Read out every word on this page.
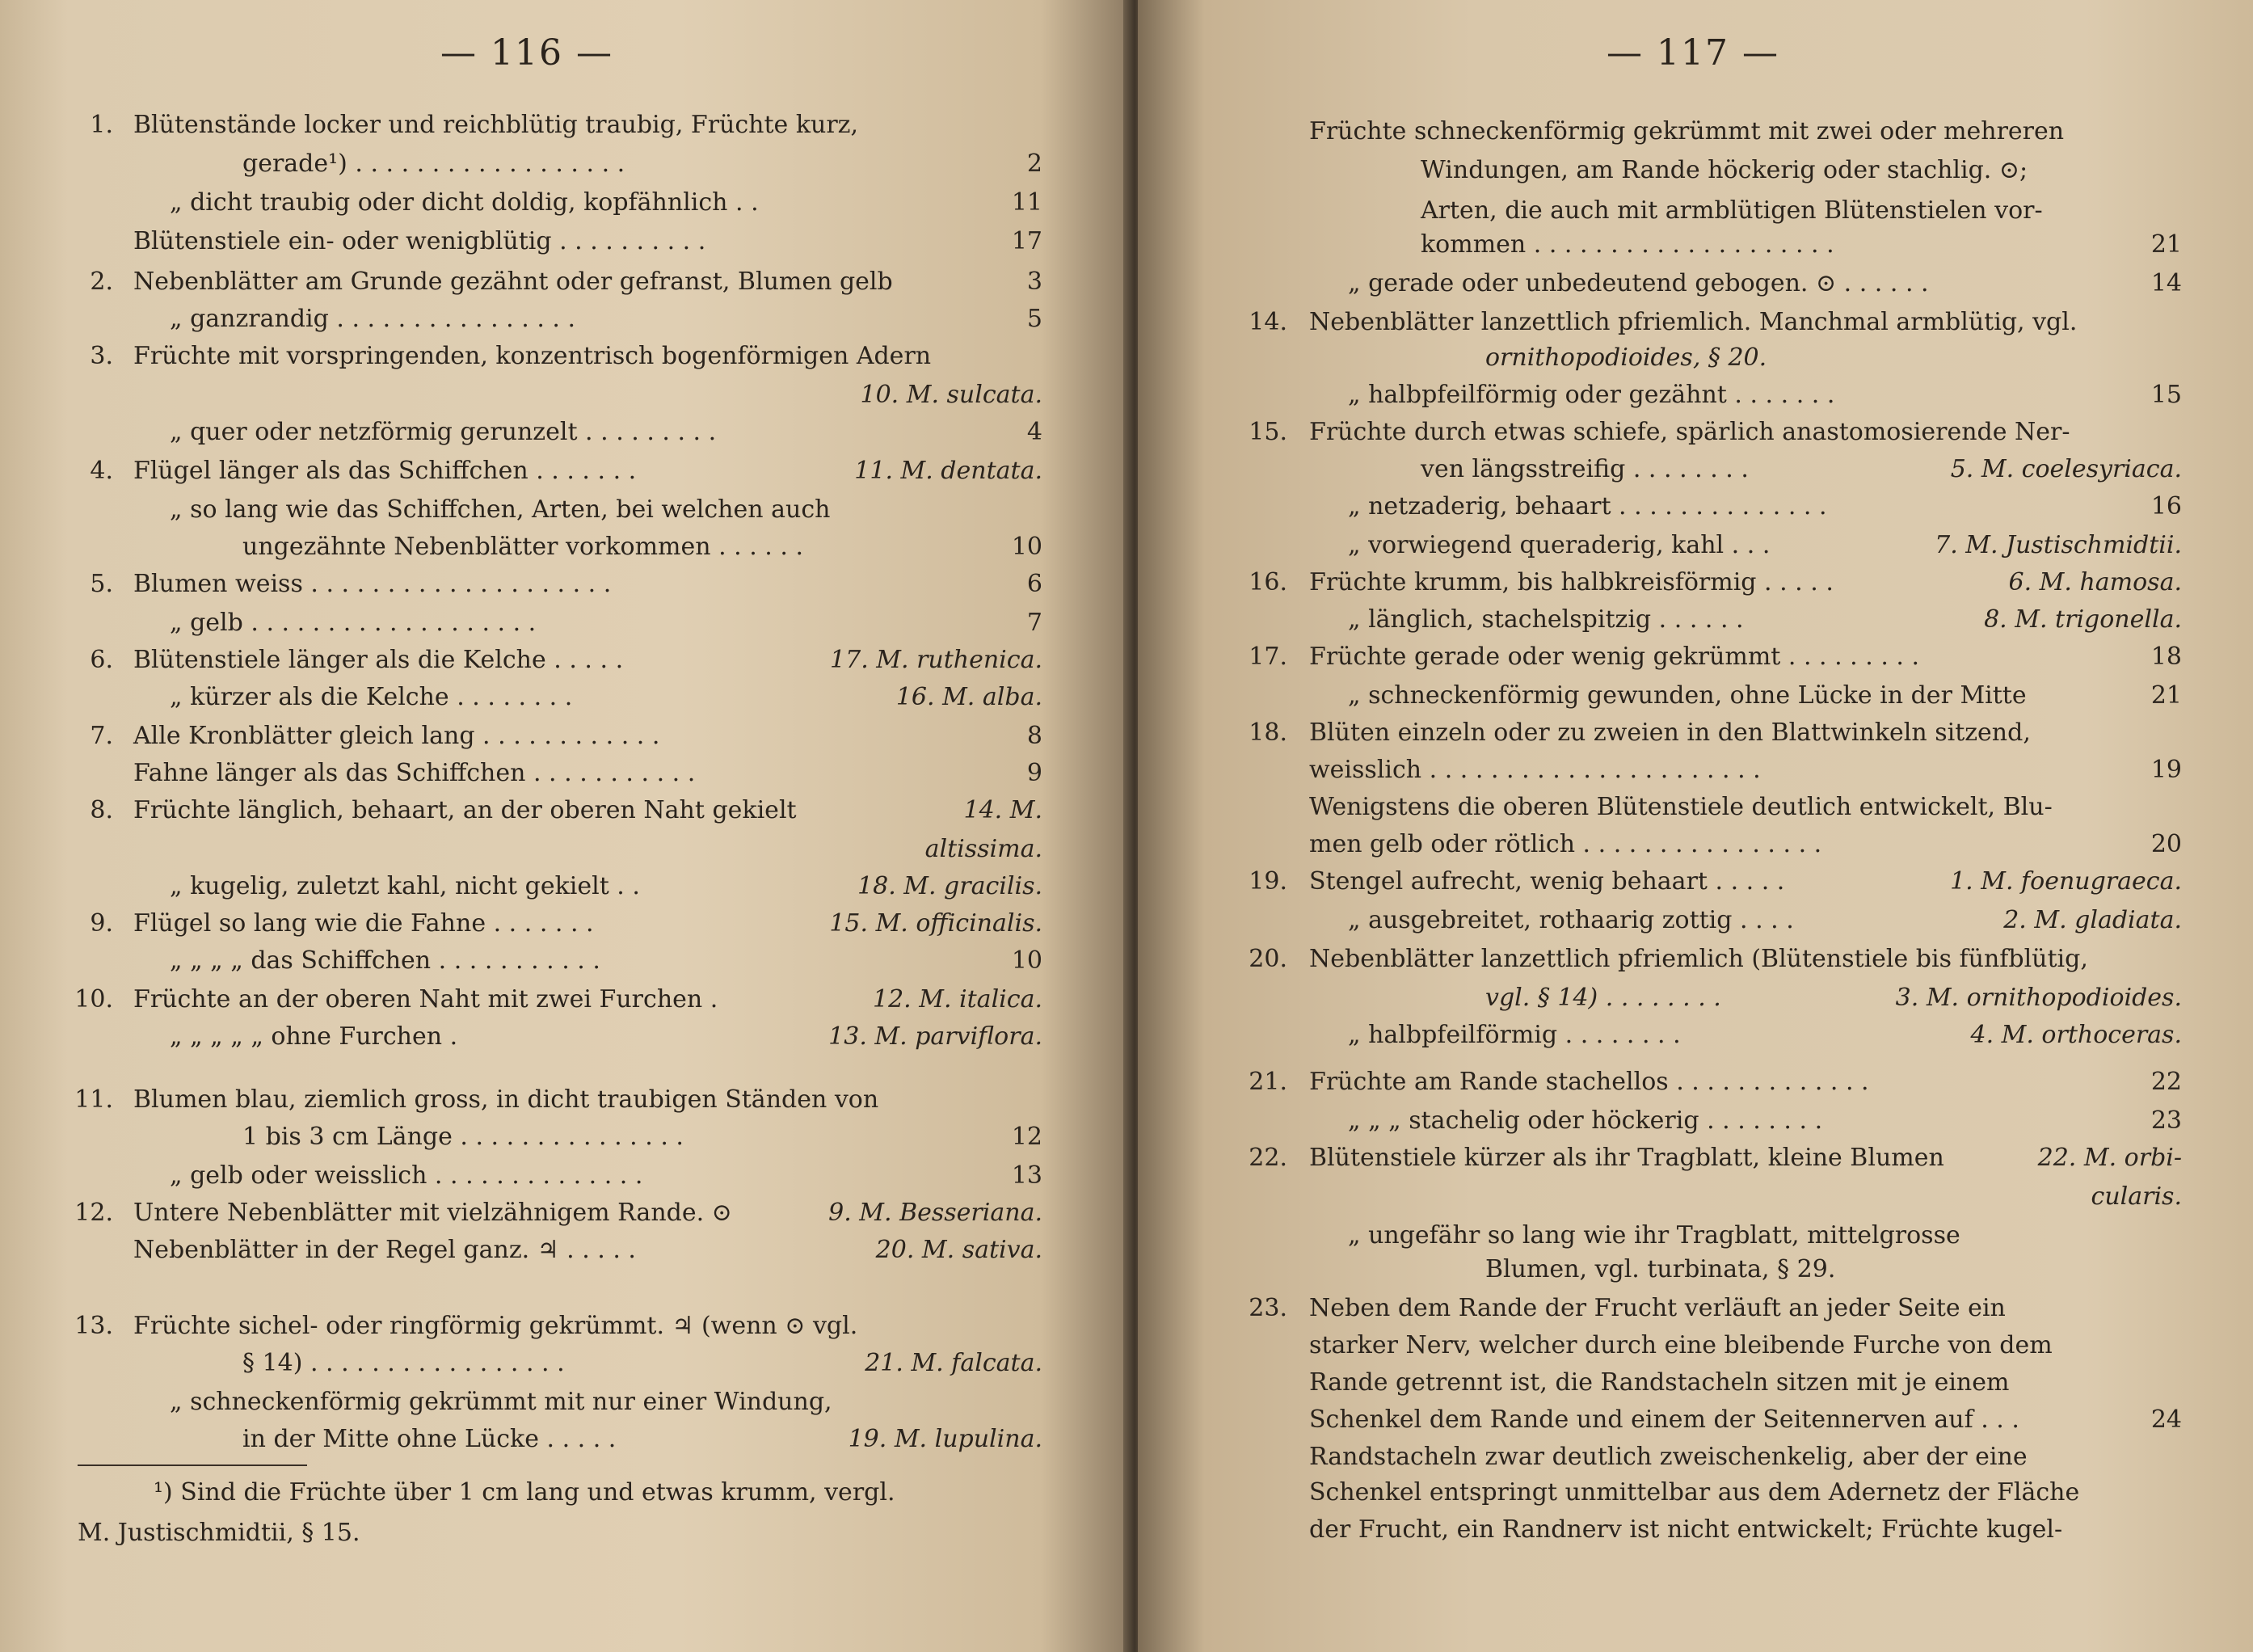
— 116 —
1. Blütenstände locker und reichblütig traubig, Früchte kurz,
gerade¹) . . . . . . . . . . . . . . . . . .	2
„ dicht traubig oder dicht doldig, kopfähnlich . .	11
Blütenstiele ein- oder wenigblütig . . . . . . . . . .	17
2. Nebenblätter am Grunde gezähnt oder gefranst, Blumen gelb	3
„ ganzrandig . . . . . . . . . . . . . . . .	5
3. Früchte mit vorspringenden, konzentrisch bogenförmigen Adern
10. M. sulcata.
„ quer oder netzförmig gerunzelt . . . . . . . . .	4
4. Flügel länger als das Schiffchen . . . . . . .	11. M. dentata.
„ so lang wie das Schiffchen, Arten, bei welchen auch
ungezähnte Nebenblätter vorkommen . . . . . .	10
5. Blumen weiss . . . . . . . . . . . . . . . . . . . .	6
„ gelb . . . . . . . . . . . . . . . . . . .	7
6. Blütenstiele länger als die Kelche . . . . .	17. M. ruthenica.
„ kürzer als die Kelche . . . . . . . .	16. M. alba.
7. Alle Kronblätter gleich lang . . . . . . . . . . . .	8
Fahne länger als das Schiffchen . . . . . . . . . . .	9
8. Früchte länglich, behaart, an der oberen Naht gekielt	14. M.
altissima.
„ kugelig, zuletzt kahl, nicht gekielt . .	18. M. gracilis.
9. Flügel so lang wie die Fahne . . . . . . .	15. M. officinalis.
„ „ „ „ das Schiffchen . . . . . . . . . . .	10
10. Früchte an der oberen Naht mit zwei Furchen .	12. M. italica.
„ „ „ „ „ ohne Furchen .	13. M. parviflora.
11. Blumen blau, ziemlich gross, in dicht traubigen Ständen von
1 bis 3 cm Länge . . . . . . . . . . . . . . .	12
„ gelb oder weisslich . . . . . . . . . . . . . .	13
12. Untere Nebenblätter mit vielzähnigem Rande. ⊙	9. M. Besseriana.
Nebenblätter in der Regel ganz. ♃ . . . . .	20. M. sativa.
13. Früchte sichel- oder ringförmig gekrümmt. ♃ (wenn ⊙ vgl.
§ 14) . . . . . . . . . . . . . . . . .	21. M. falcata.
„ schneckenförmig gekrümmt mit nur einer Windung,
in der Mitte ohne Lücke . . . . .	19. M. lupulina.
¹) Sind die Früchte über 1 cm lang und etwas krumm, vergl.
M. Justischmidtii, § 15.
— 117 —
Früchte schneckenförmig gekrümmt mit zwei oder mehreren
Windungen, am Rande höckerig oder stachlig. ⊙;
Arten, die auch mit armblütigen Blütenstielen vor-
kommen . . . . . . . . . . . . . . . . . . . .	21
„ gerade oder unbedeutend gebogen. ⊙ . . . . . .	14
14. Nebenblätter lanzettlich pfriemlich. Manchmal armblütig, vgl.
ornithopodioides, § 20.
„ halbpfeilförmig oder gezähnt . . . . . . .	15
15. Früchte durch etwas schiefe, spärlich anastomosierende Ner-
ven längsstreifig . . . . . . . .	5. M. coelesyriaca.
„ netzaderig, behaart . . . . . . . . . . . . . .	16
„ vorwiegend queraderig, kahl . . .	7. M. Justischmidtii.
16. Früchte krumm, bis halbkreisförmig . . . . .	6. M. hamosa.
„ länglich, stachelspitzig . . . . . .	8. M. trigonella.
17. Früchte gerade oder wenig gekrümmt . . . . . . . . .	18
„ schneckenförmig gewunden, ohne Lücke in der Mitte	21
18. Blüten einzeln oder zu zweien in den Blattwinkeln sitzend,
weisslich . . . . . . . . . . . . . . . . . . . . . .	19
Wenigstens die oberen Blütenstiele deutlich entwickelt, Blu-
men gelb oder rötlich . . . . . . . . . . . . . . . .	20
19. Stengel aufrecht, wenig behaart . . . . .	1. M. foenugraeca.
„ ausgebreitet, rothaarig zottig . . . .	2. M. gladiata.
20. Nebenblätter lanzettlich pfriemlich (Blütenstiele bis fünfblütig,
vgl. § 14) . . . . . . . .	3. M. ornithopodioides.
„ halbpfeilförmig . . . . . . . .	4. M. orthoceras.
21. Früchte am Rande stachellos . . . . . . . . . . . . .	22
„ „ „ stachelig oder höckerig . . . . . . . .	23
22. Blütenstiele kürzer als ihr Tragblatt, kleine Blumen	22. M. orbi-
cularis.
„ ungefähr so lang wie ihr Tragblatt, mittelgrosse
Blumen, vgl. turbinata, § 29.
23. Neben dem Rande der Frucht verläuft an jeder Seite ein
starker Nerv, welcher durch eine bleibende Furche von dem
Rande getrennt ist, die Randstacheln sitzen mit je einem
Schenkel dem Rande und einem der Seitennerven auf . . .	24
Randstacheln zwar deutlich zweischenkelig, aber der eine
Schenkel entspringt unmittelbar aus dem Adernetz der Fläche
der Frucht, ein Randnerv ist nicht entwickelt; Früchte kugel-
